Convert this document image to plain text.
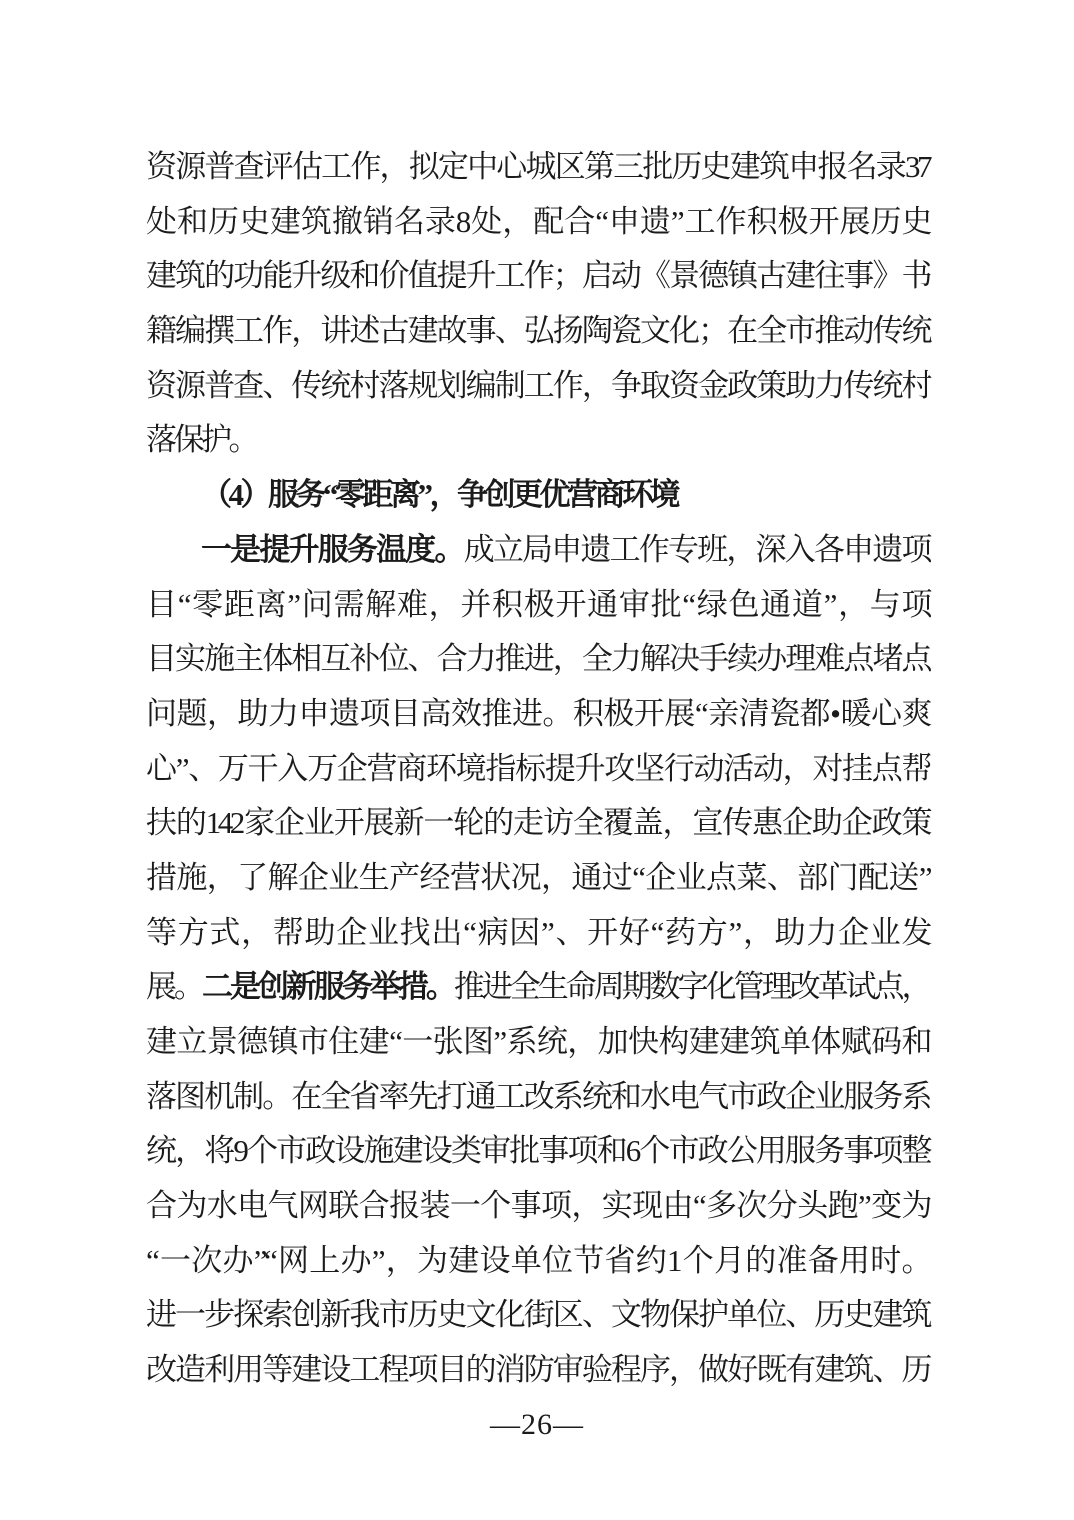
资源普查评估工作，拟定中心城区第三批历史建筑申报名录37
处和历史建筑撤销名录8处，配合“申遗”工作积极开展历史
建筑的功能升级和价值提升工作；启动《景德镇古建往事》书
籍编撰工作，讲述古建故事、弘扬陶瓷文化；在全市推动传统
资源普查、传统村落规划编制工作，争取资金政策助力传统村
落保护。
（4）服务“零距离”，争创更优营商环境
一是提升服务温度。成立局申遗工作专班，深入各申遗项
目“零距离”问需解难，并积极开通审批“绿色通道”，与项
目实施主体相互补位、合力推进，全力解决手续办理难点堵点
问题，助力申遗项目高效推进。积极开展“亲清瓷都•暖心爽
心”、万干入万企营商环境指标提升攻坚行动活动，对挂点帮
扶的142家企业开展新一轮的走访全覆盖，宣传惠企助企政策
措施，了解企业生产经营状况，通过“企业点菜、部门配送”
等方式，帮助企业找出“病因”、开好“药方”，助力企业发
展。二是创新服务举措。推进全生命周期数字化管理改革试点，
建立景德镇市住建“一张图”系统，加快构建建筑单体赋码和
落图机制。在全省率先打通工改系统和水电气市政企业服务系
统，将9个市政设施建设类审批事项和6个市政公用服务事项整
合为水电气网联合报装一个事项，实现由“多次分头跑”变为
“一次办”“网上办”，为建设单位节省约1个月的准备用时。
进一步探索创新我市历史文化街区、文物保护单位、历史建筑
改造利用等建设工程项目的消防审验程序，做好既有建筑、历
—26—
